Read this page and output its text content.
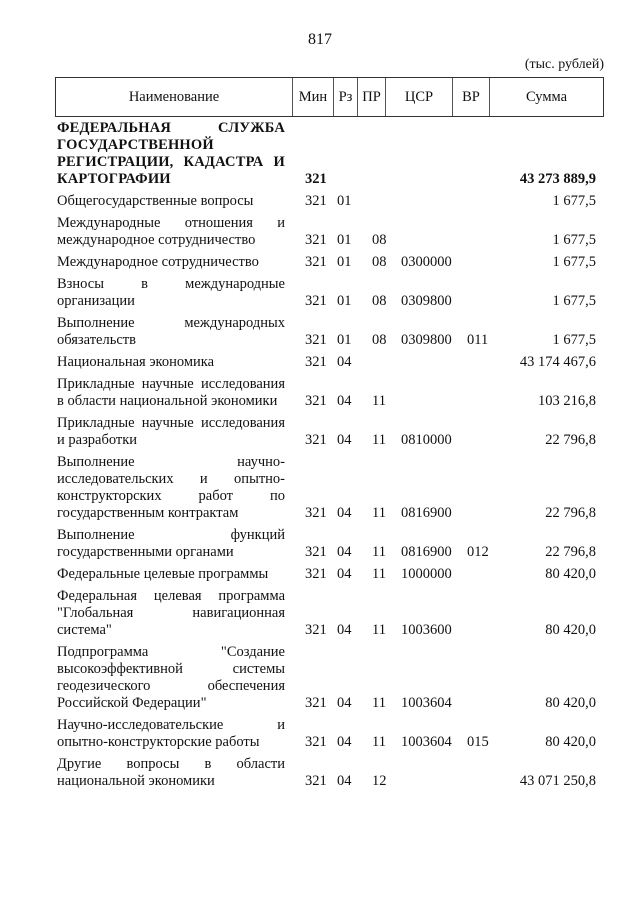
817
(тыс. рублей)
Наименование	Мин Рз ПР	ЦСР	ВР	Сумма
ФЕДЕРАЛЬНАЯ СЛУЖБА ГОСУДАРСТВЕННОЙ РЕГИСТРАЦИИ, КАДАСТРА И КАРТОГРАФИИ	321	43 273 889,9
Общегосударственные вопросы	321 01	1 677,5
Международные отношения и международное сотрудничество	321 01	08	1 677,5
Международное сотрудничество	321 01	08	0300000	1 677,5
Взносы в международные организации	321 01	08	0309800	1 677,5
Выполнение международных обязательств	321 01	08	0309800	011	1 677,5
Национальная экономика	321 04	43 174 467,6
Прикладные научные исследования в области национальной экономики	321 04	11	103 216,8
Прикладные научные исследования и разработки	321 04	11	0810000	22 796,8
Выполнение научно-исследовательских и опытно-конструкторских работ по государственным контрактам	321 04	11	0816900	22 796,8
Выполнение функций государственными органами	321 04	11	0816900	012	22 796,8
Федеральные целевые программы	321 04	11	1000000	80 420,0
Федеральная целевая программа "Глобальная навигационная система"	321 04	11	1003600	80 420,0
Подпрограмма "Создание высокоэффективной системы геодезического обеспечения Российской Федерации"	321 04	11	1003604	80 420,0
Научно-исследовательские и опытно-конструкторские работы	321 04	11	1003604	015	80 420,0
Другие вопросы в области национальной экономики	321 04	12	43 071 250,8
